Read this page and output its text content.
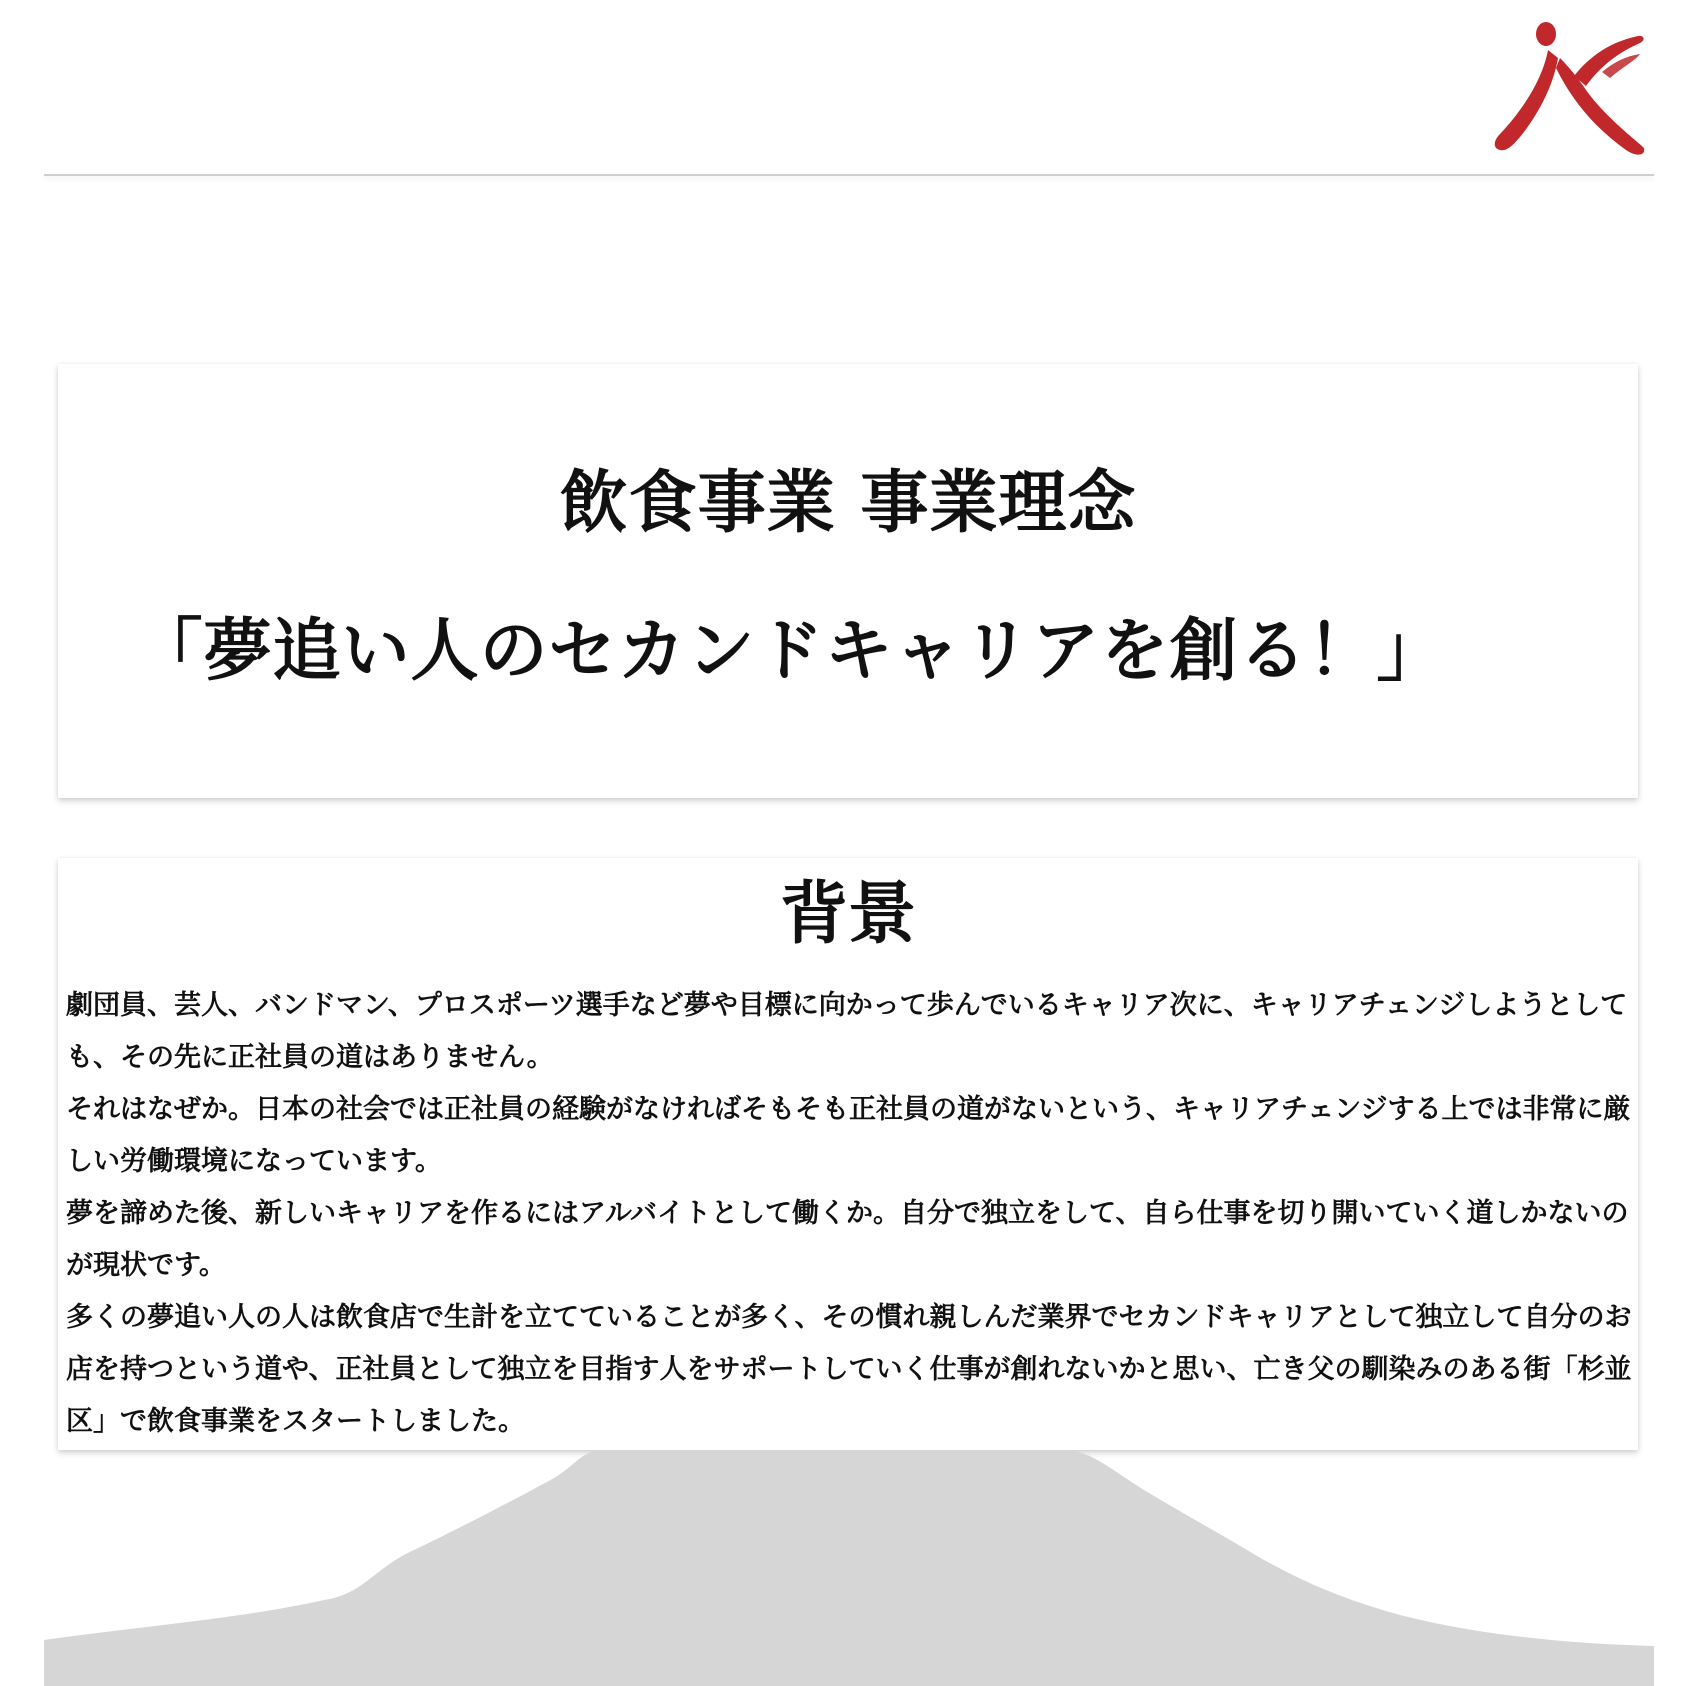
飲食事業 事業理念
「夢追い人のセカンドキャリアを創る！」
背景

劇団員、芸人、バンドマン、プロスポーツ選手など夢や目標に向かって歩んでいるキャリア次に、キャリアチェンジしようとしても、その先に正社員の道はありません。

それはなぜか。日本の社会では正社員の経験がなければそもそも正社員の道がないという、キャリアチェンジする上では非常に厳しい労働環境になっています。

夢を諦めた後、新しいキャリアを作るにはアルバイトとして働くか。自分で独立をして、自ら仕事を切り開いていく道しかないのが現状です。

多くの夢追い人の人は飲食店で生計を立てていることが多く、その慣れ親しんだ業界でセカンドキャリアとして独立して自分のお店を持つという道や、正社員として独立を目指す人をサポートしていく仕事が創れないかと思い、亡き父の馴染みのある街「杉並区」で飲食事業をスタートしました。
